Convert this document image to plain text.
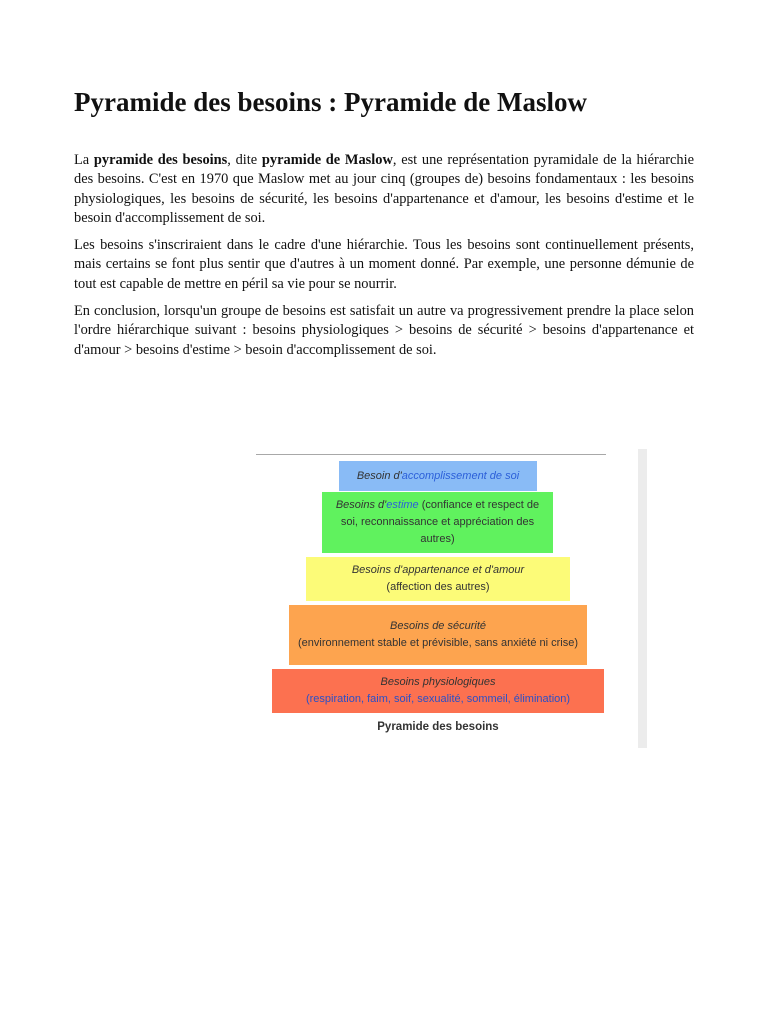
Pyramide des besoins : Pyramide de Maslow

La pyramide des besoins, dite pyramide de Maslow, est une représentation pyramidale de la hiérarchie des besoins. C'est en 1970 que Maslow met au jour cinq (groupes de) besoins fondamentaux : les besoins physiologiques, les besoins de sécurité, les besoins d'appartenance et d'amour, les besoins d'estime et le besoin d'accomplissement de soi.

Les besoins s'inscriraient dans le cadre d'une hiérarchie. Tous les besoins sont continuellement présents, mais certains se font plus sentir que d'autres à un moment donné. Par exemple, une personne démunie de tout est capable de mettre en péril sa vie pour se nourrir.

En conclusion, lorsqu'un groupe de besoins est satisfait un autre va progressivement prendre la place selon l'ordre hiérarchique suivant : besoins physiologiques > besoins de sécurité > besoins d'appartenance et d'amour > besoins d'estime > besoin d'accomplissement de soi.

Besoin d'accomplissement de soi
Besoins d'estime (confiance et respect de soi, reconnaissance et appréciation des autres)
Besoins d'appartenance et d'amour
(affection des autres)
Besoins de sécurité
(environnement stable et prévisible, sans anxiété ni crise)
Besoins physiologiques
(respiration, faim, soif, sexualité, sommeil, élimination)
Pyramide des besoins
